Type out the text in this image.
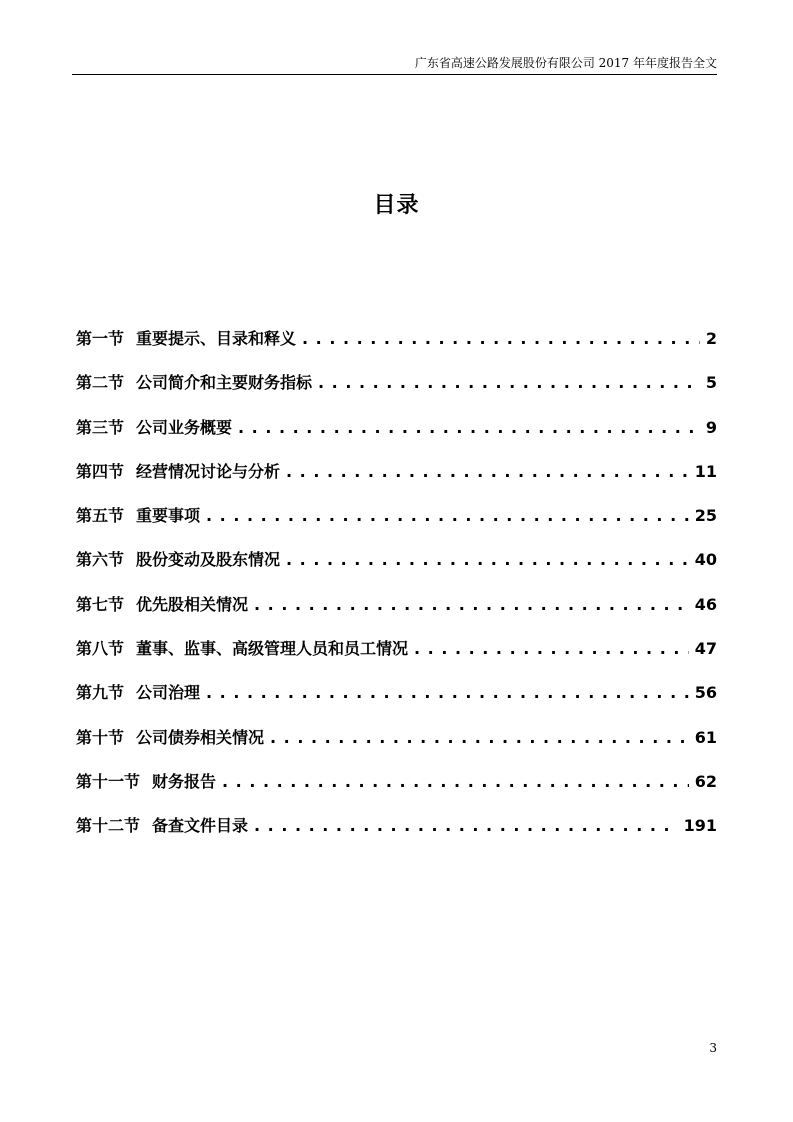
广东省高速公路发展股份有限公司 2017 年年度报告全文
目录
第一节 重要提示、目录和释义 . . .	2
第二节 公司简介和主要财务指标 . . .	5
第三节 公司业务概要 . . .	9
第四节 经营情况讨论与分析 . . .	11
第五节 重要事项 . . .	25
第六节 股份变动及股东情况 . . .	40
第七节 优先股相关情况 . . .	46
第八节 董事、监事、高级管理人员和员工情况 . . .	47
第九节 公司治理 . . .	56
第十节 公司债券相关情况 . . .	61
第十一节 财务报告 . . .	62
第十二节 备查文件目录 . . .	191
3
